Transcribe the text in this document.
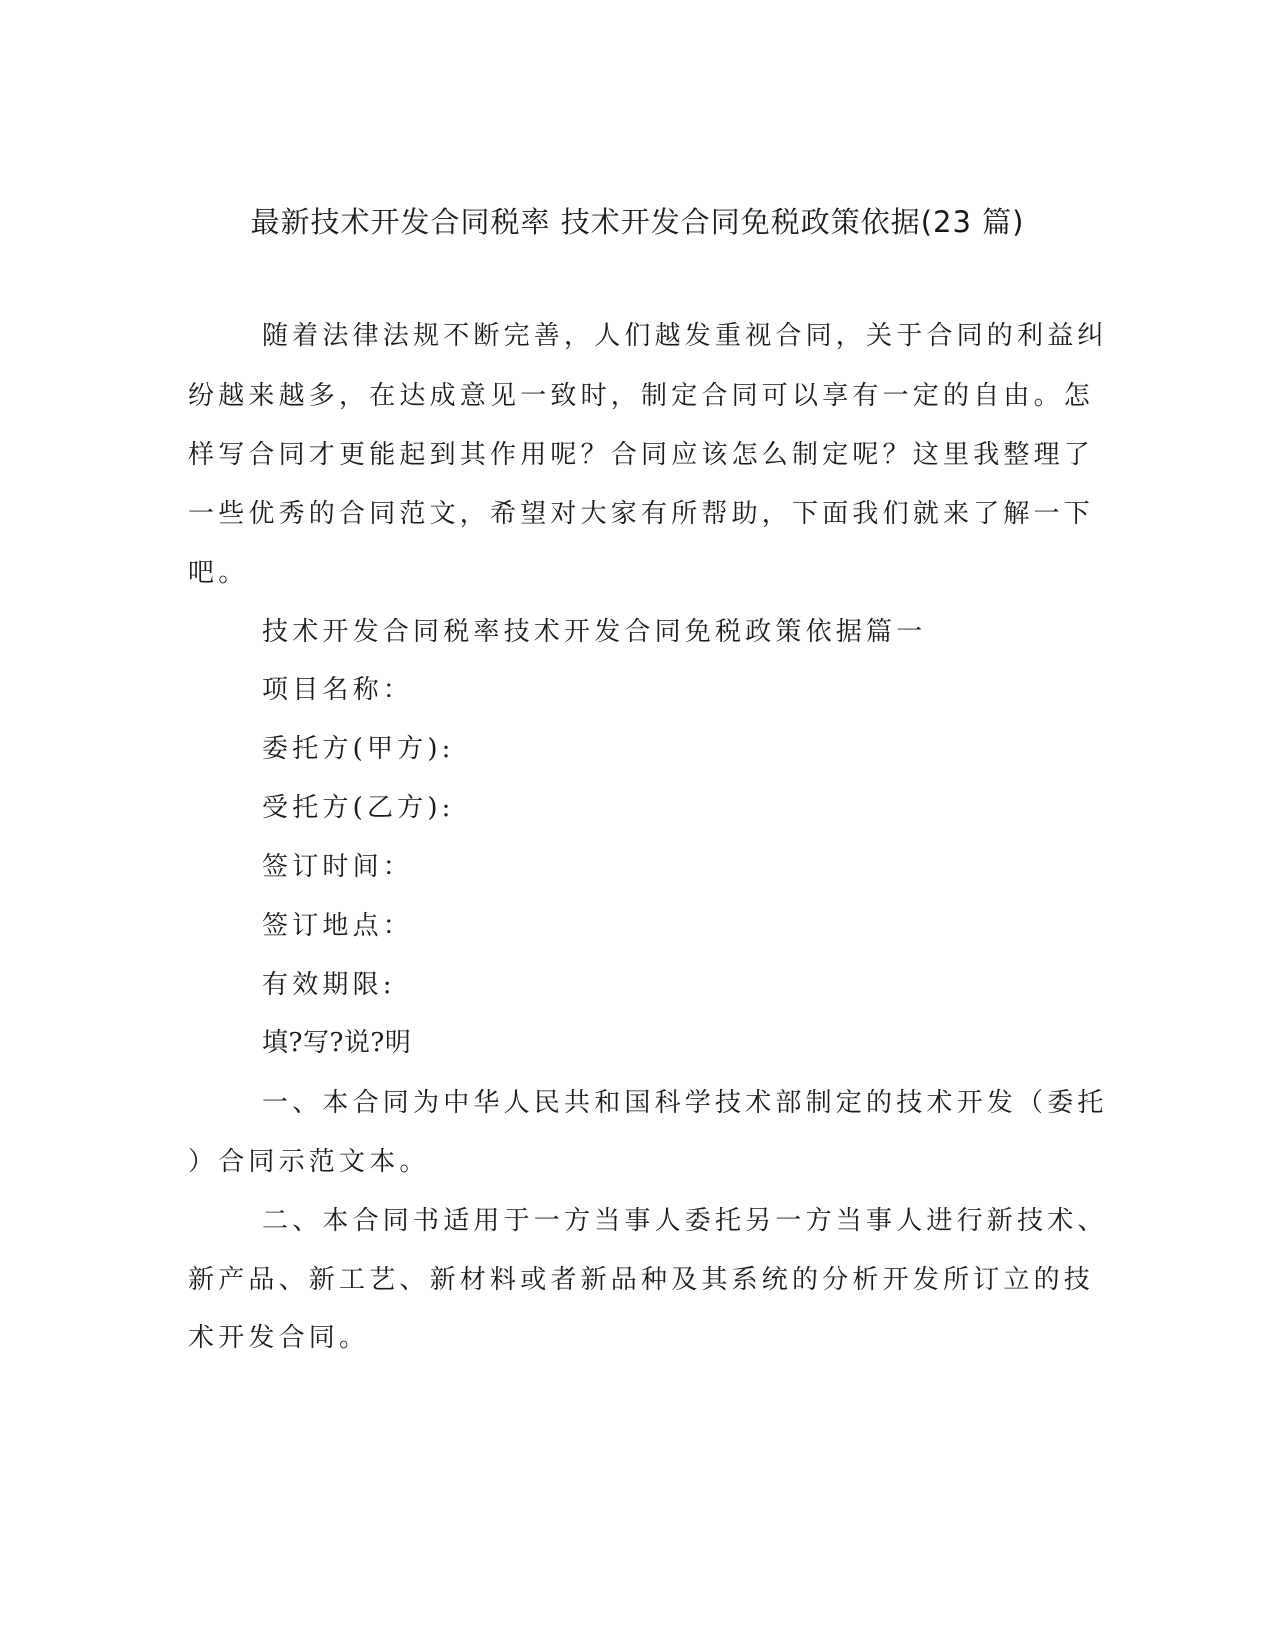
最新技术开发合同税率 技术开发合同免税政策依据(23 篇)
随着法律法规不断完善，人们越发重视合同，关于合同的利益纠
纷越来越多，在达成意见一致时，制定合同可以享有一定的自由。怎
样写合同才更能起到其作用呢？合同应该怎么制定呢？这里我整理了
一些优秀的合同范文，希望对大家有所帮助，下面我们就来了解一下
吧。
技术开发合同税率技术开发合同免税政策依据篇一
项目名称：
委托方(甲方):
受托方(乙方):
签订时间：
签订地点：
有效期限:
填?写?说?明
一、本合同为中华人民共和国科学技术部制定的技术开发（委托
）合同示范文本。
二、本合同书适用于一方当事人委托另一方当事人进行新技术、
新产品、新工艺、新材料或者新品种及其系统的分析开发所订立的技
术开发合同。
